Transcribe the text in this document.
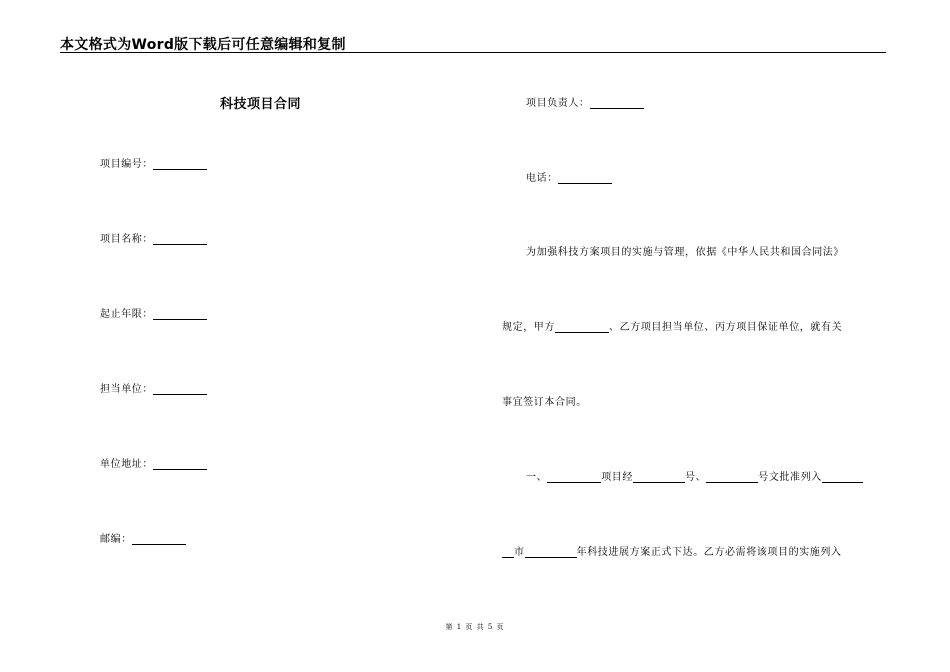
本文格式为Word版下载后可任意编辑和复制
科技项目合同
项目编号：
项目名称：
起止年限：
担当单位：
单位地址：
邮编：
项目负责人：
电话：
为加强科技方案项目的实施与管理，依据《中华人民共和国合同法》
规定，甲方	、乙方项目担当单位、丙方项目保证单位，就有关
事宜签订本合同。
一、	项目经	号、	号文批准列入
市	年科技进展方案正式下达。乙方必需将该项目的实施列入
第 1 页 共 5 页
